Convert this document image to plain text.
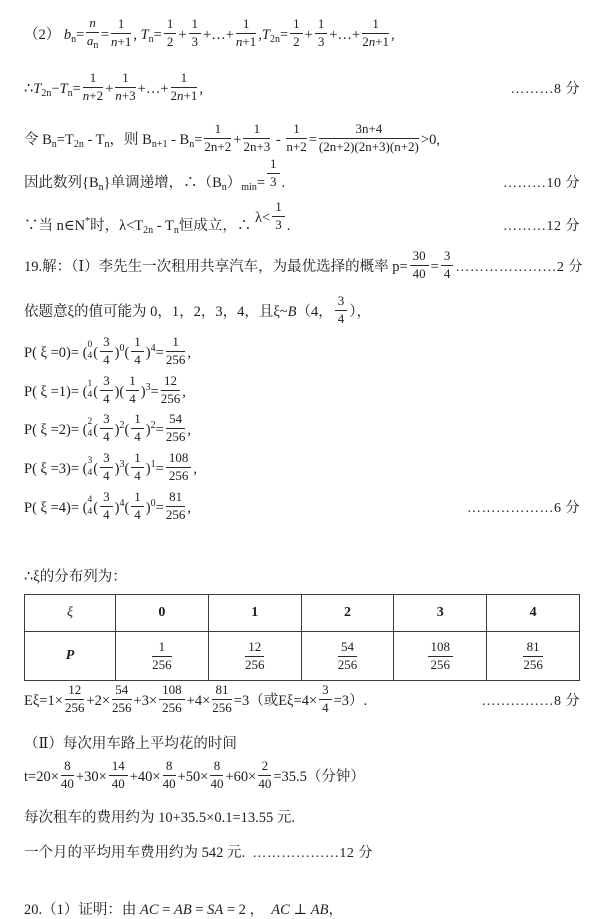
（2） $b_n= \frac{n}{a_n} = \frac{1}{n+1}$ , $T_n= \frac{1}{2} + \frac{1}{3}$ +…+ $\frac{1}{n+1} ,T_{2n}= \frac{1}{2} + \frac{1}{3}$ +…+ $\frac{1}{2n+1}$ ,
$\therefore T_{2n}-T_n= \frac{1}{n+2} + \frac{1}{n+3}$ +…+ $\frac{1}{2n+1}$ ,	………8 分
令 $B_n=T_{2n} - T_n$，则 $B_{n+1} - B_n= \frac{1}{2n+2} + \frac{1}{2n+3} - \frac{1}{n+2} = \frac{3n+4}{(2n+2)(2n+3)(n+2)} >0$,
因此数列$\{B_n\}$单调递增，$\therefore(B_n)_{min}= \frac{1}{3}$ .	………10 分
∵当 n∈N*时，$\lambda<T_{2n} - T_n$恒成立，∴ $\lambda< \frac{1}{3}$ .	………12 分
19.解：（Ⅰ）李先生一次租用共享汽车，为最优选择的概率 $p= \frac{30}{40} = \frac{3}{4}$ …………………2 分
依题意ξ的值可能为 0，1，2，3，4，且ξ~B（4， $\frac{3}{4}$ ），
P( ξ =0)= ( 0
4 ( $\frac{3}{4} )^0( \frac{1}{4} )^4= \frac{1}{256}$ ,
P( ξ =1)= ( 1
4 ( $\frac{3}{4}$ )( $\frac{1}{4} )^3= \frac{12}{256}$ ,
P( ξ =2)= ( 2
4 ( $\frac{3}{4} )^2( \frac{1}{4} )^2= \frac{54}{256}$ ,
P( ξ =3)= ( 3
4 ( $\frac{3}{4} )^3( \frac{1}{4} )^1= \frac{108}{256}$ ,
P( ξ =4)= ( 4
4 ( $\frac{3}{4} )^4( \frac{1}{4} )^0= \frac{81}{256}$ ,	………………6 分
∴ξ的分布列为：
ξ	0	1	2	3	4
P	$\frac{1}{256}$	$\frac{12}{256}$	$\frac{54}{256}$	$\frac{108}{256}$	$\frac{81}{256}$
$E\xi=1\times \frac{12}{256} +2\times \frac{54}{256} +3\times \frac{108}{256} +4\times \frac{81}{256} =3$（或$E\xi=4\times \frac{3}{4} =3$）.	……………8 分
（Ⅱ）每次用车路上平均花的时间
$t=20\times \frac{8}{40} +30\times \frac{14}{40} +40\times \frac{8}{40} +50\times \frac{8}{40} +60\times \frac{2}{40} =35.5$（分钟）
每次租车的费用约为 10+35.5×0.1=13.55 元.
一个月的平均用车费用约为 542 元. ………………12 分
20.（1）证明：由 AC = AB = SA = 2 ，  AC ⊥ AB，
